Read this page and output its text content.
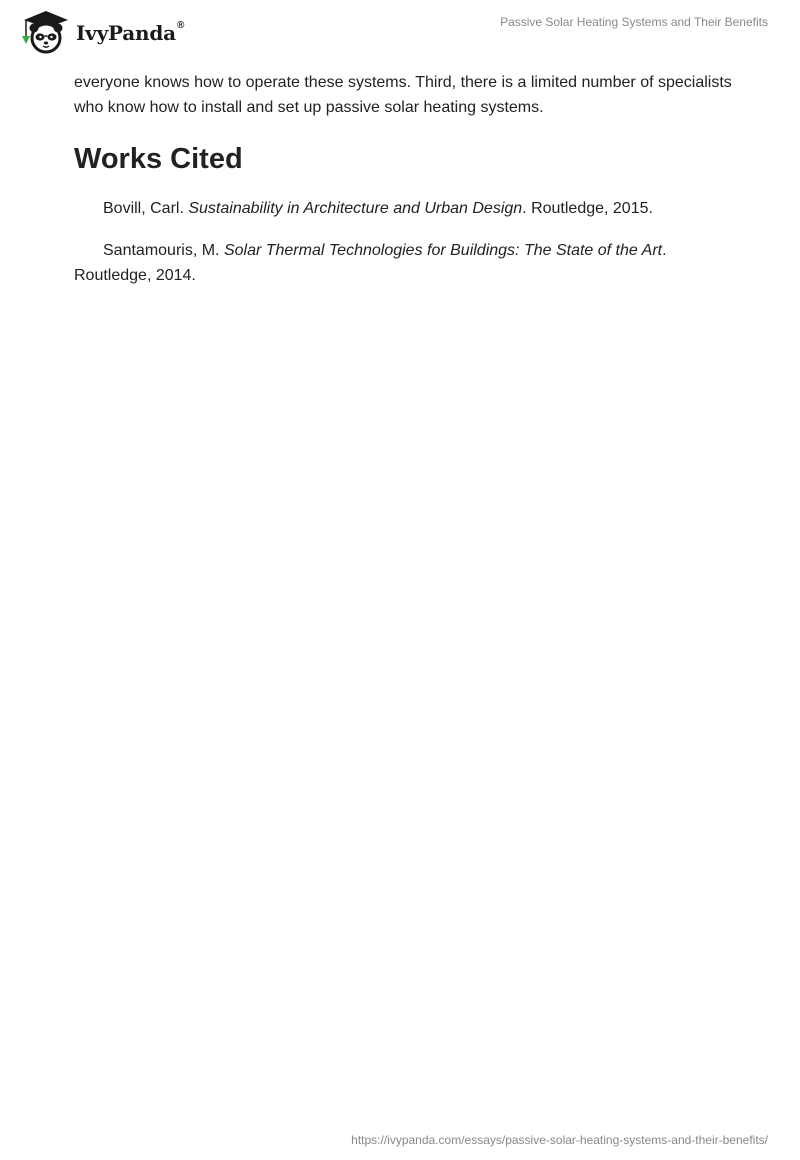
IvyPanda®	Passive Solar Heating Systems and Their Benefits

everyone knows how to operate these systems. Third, there is a limited number of specialists who know how to install and set up passive solar heating systems.

Works Cited

Bovill, Carl. Sustainability in Architecture and Urban Design. Routledge, 2015.

Santamouris, M. Solar Thermal Technologies for Buildings: The State of the Art. Routledge, 2014.

https://ivypanda.com/essays/passive-solar-heating-systems-and-their-benefits/
